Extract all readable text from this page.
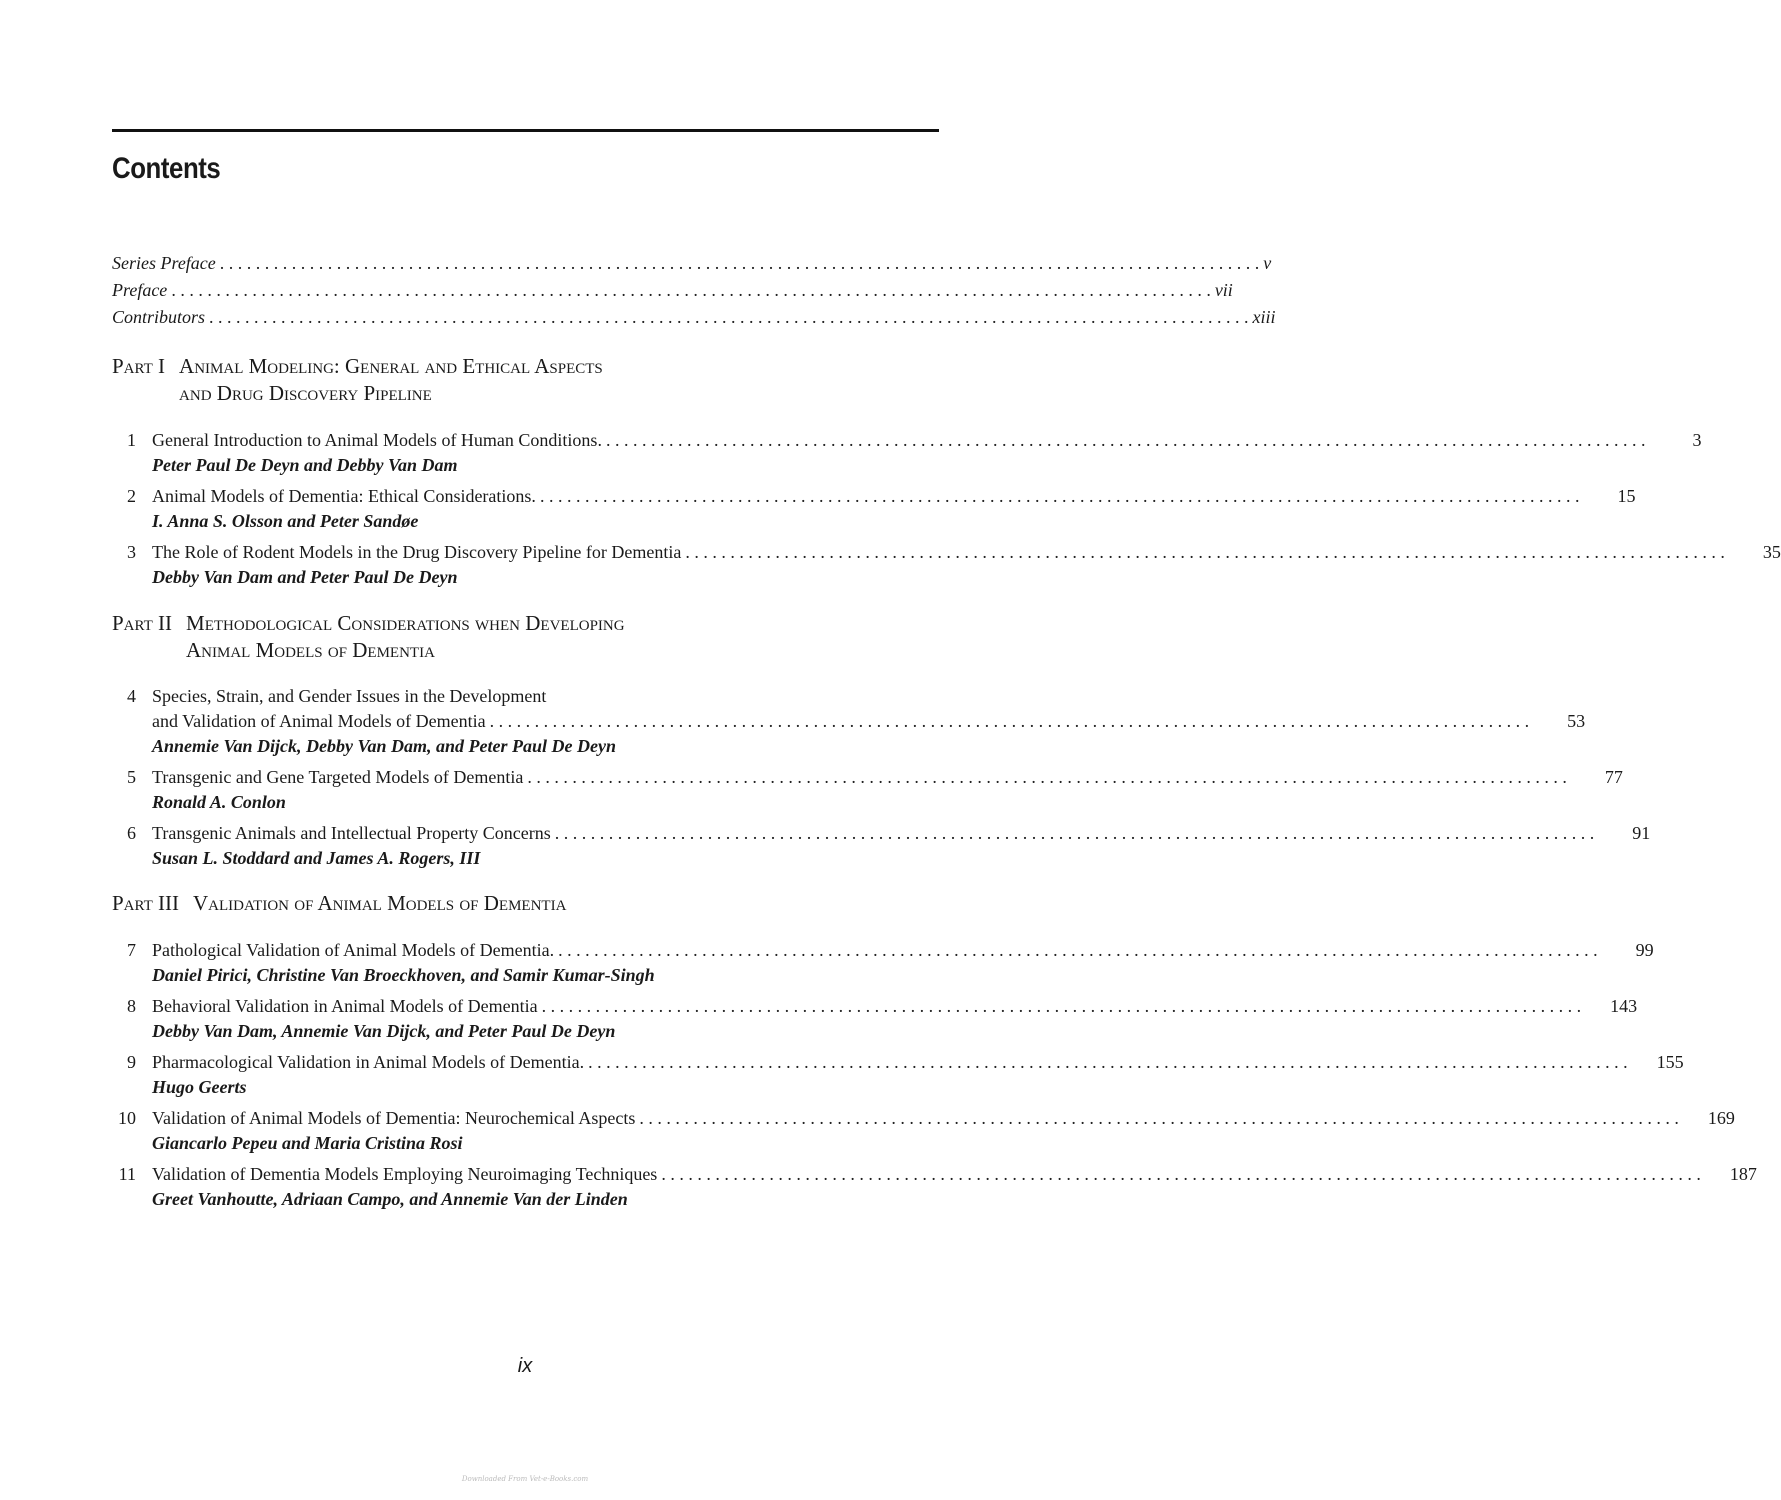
Contents
Series Preface . . .	v
Preface . . .	vii
Contributors . . .	xiii
Part I Animal Modeling: General and Ethical Aspects
and Drug Discovery Pipeline
1 General Introduction to Animal Models of Human Conditions. . . .	3
Peter Paul De Deyn and Debby Van Dam
2 Animal Models of Dementia: Ethical Considerations. . . .	15
I. Anna S. Olsson and Peter Sandøe
3 The Role of Rodent Models in the Drug Discovery Pipeline for Dementia . . .	35
Debby Van Dam and Peter Paul De Deyn
Part II Methodological Considerations when Developing
Animal Models of Dementia
4 Species, Strain, and Gender Issues in the Development
and Validation of Animal Models of Dementia . . .	53
Annemie Van Dijck, Debby Van Dam, and Peter Paul De Deyn
5 Transgenic and Gene Targeted Models of Dementia . . .	77
Ronald A. Conlon
6 Transgenic Animals and Intellectual Property Concerns . . .	91
Susan L. Stoddard and James A. Rogers, III
Part III Validation of Animal Models of Dementia
7 Pathological Validation of Animal Models of Dementia. . . .	99
Daniel Pirici, Christine Van Broeckhoven, and Samir Kumar-Singh
8 Behavioral Validation in Animal Models of Dementia . . .	143
Debby Van Dam, Annemie Van Dijck, and Peter Paul De Deyn
9 Pharmacological Validation in Animal Models of Dementia. . . .	155
Hugo Geerts
10 Validation of Animal Models of Dementia: Neurochemical Aspects . . .	169
Giancarlo Pepeu and Maria Cristina Rosi
11 Validation of Dementia Models Employing Neuroimaging Techniques . . .	187
Greet Vanhoutte, Adriaan Campo, and Annemie Van der Linden
ix
Downloaded From Vet-e-Books.com
